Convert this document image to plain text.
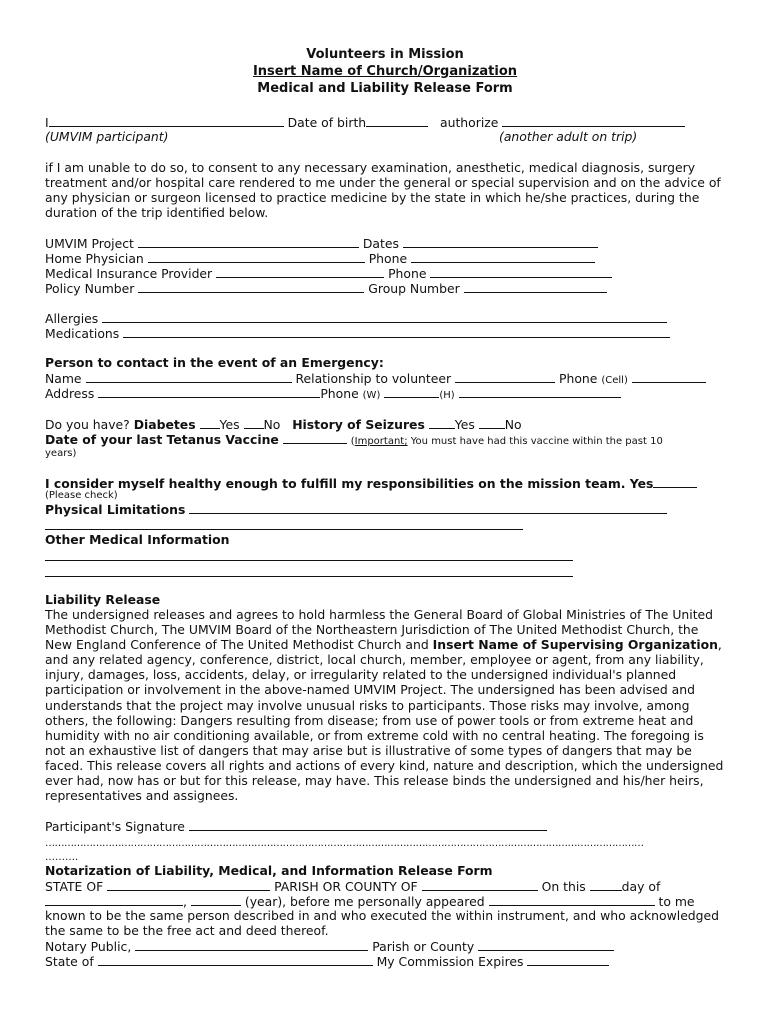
Volunteers in Mission
Insert Name of Church/Organization
Medical and Liability Release Form
I	Date of birth	authorize
(UMVIM participant)	(another adult on trip)
if I am unable to do so, to consent to any necessary examination, anesthetic, medical diagnosis, surgery treatment and/or hospital care rendered to me under the general or special supervision and on the advice of any physician or surgeon licensed to practice medicine by the state in which he/she practices, during the duration of the trip identified below.
UMVIM Project	Dates
Home Physician	Phone
Medical Insurance Provider	Phone
Policy Number	Group Number
Allergies
Medications
Person to contact in the event of an Emergency:
Name	Relationship to volunteer	Phone (Cell)
Address	Phone (W)	(H)
Do you have? Diabetes Yes No History of Seizures Yes No
Date of your last Tetanus Vaccine	(Important; You must have had this vaccine within the past 10
years)
I consider myself healthy enough to fulfill my responsibilities on the mission team. Yes
(Please check)
Physical Limitations
Other Medical Information
Liability Release
The undersigned releases and agrees to hold harmless the General Board of Global Ministries of The United Methodist Church, The UMVIM Board of the Northeastern Jurisdiction of The United Methodist Church, the New England Conference of The United Methodist Church and Insert Name of Supervising Organization, and any related agency, conference, district, local church, member, employee or agent, from any liability, injury, damages, loss, accidents, delay, or irregularity related to the undersigned individual's planned participation or involvement in the above-named UMVIM Project. The undersigned has been advised and understands that the project may involve unusual risks to participants. Those risks may involve, among others, the following: Dangers resulting from disease; from use of power tools or from extreme heat and humidity with no air conditioning available, or from extreme cold with no central heating. The foregoing is not an exhaustive list of dangers that may arise but is illustrative of some types of dangers that may be faced. This release covers all rights and actions of every kind, nature and description, which the undersigned ever had, now has or but for this release, may have. This release binds the undersigned and his/her heirs, representatives and assignees.
Participant's Signature
………………………………………………………………………………………………………………………………………………………………………
……….
Notarization of Liability, Medical, and Information Release Form
STATE OF	PARISH OR COUNTY OF	On this	day of
,	(year), before me personally appeared	to me
known to be the same person described in and who executed the within instrument, and who acknowledged the same to be the free act and deed thereof.
Notary Public,	Parish or County
State of	My Commission Expires
